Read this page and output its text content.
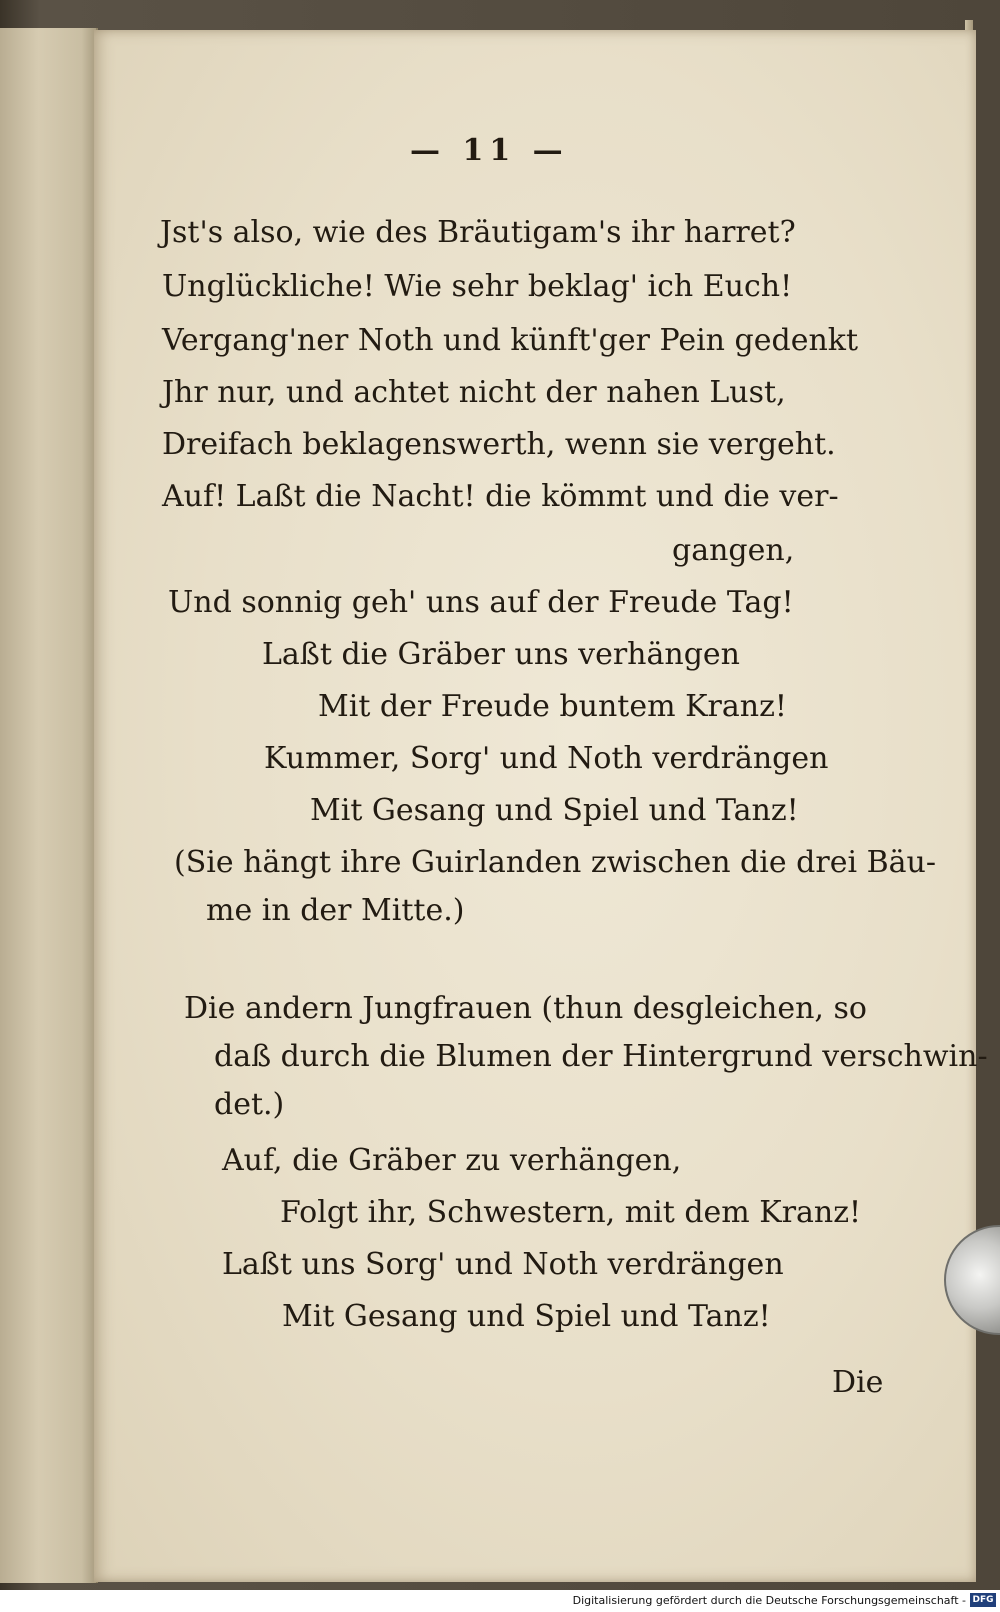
— 11 —
Jst's also, wie des Bräutigam's ihr harret?
Unglückliche! Wie sehr beklag' ich Euch!
Vergang'ner Noth und künft'ger Pein gedenkt
Jhr nur, und achtet nicht der nahen Lust,
Dreifach beklagenswerth, wenn sie vergeht.
Auf! Laßt die Nacht! die kömmt und die ver-
gangen,
Und sonnig geh' uns auf der Freude Tag!
Laßt die Gräber uns verhängen
Mit der Freude buntem Kranz!
Kummer, Sorg' und Noth verdrängen
Mit Gesang und Spiel und Tanz!
(Sie hängt ihre Guirlanden zwischen die drei Bäu-
me in der Mitte.)
Die andern Jungfrauen (thun desgleichen, so
daß durch die Blumen der Hintergrund verschwin-
det.)
Auf, die Gräber zu verhängen,
Folgt ihr, Schwestern, mit dem Kranz!
Laßt uns Sorg' und Noth verdrängen
Mit Gesang und Spiel und Tanz!
Die
Digitalisierung gefördert durch die Deutsche Forschungsgemeinschaft - DFG
